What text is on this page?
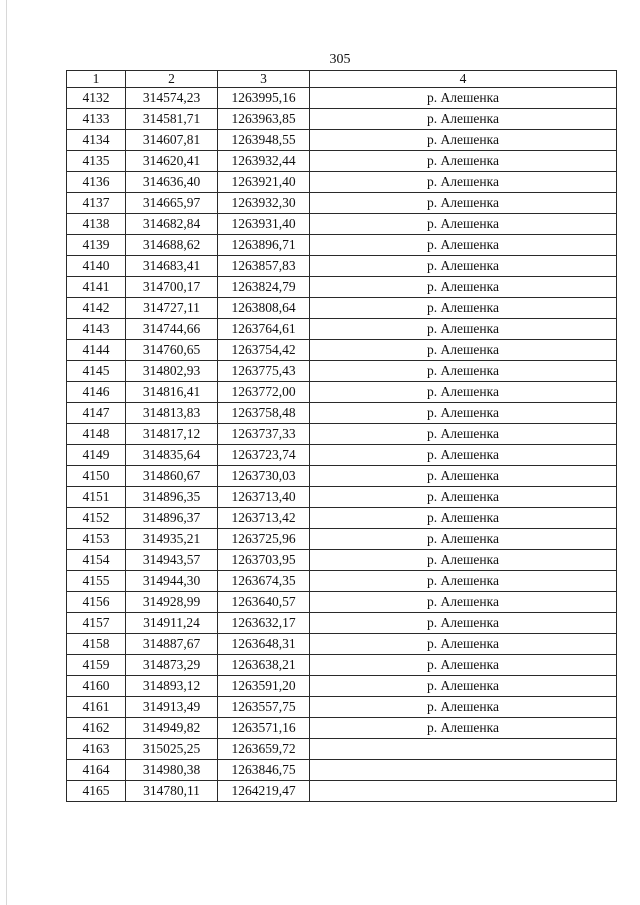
305
1	2	3	4
4132	314574,23	1263995,16	р. Алешенка
4133	314581,71	1263963,85	р. Алешенка
4134	314607,81	1263948,55	р. Алешенка
4135	314620,41	1263932,44	р. Алешенка
4136	314636,40	1263921,40	р. Алешенка
4137	314665,97	1263932,30	р. Алешенка
4138	314682,84	1263931,40	р. Алешенка
4139	314688,62	1263896,71	р. Алешенка
4140	314683,41	1263857,83	р. Алешенка
4141	314700,17	1263824,79	р. Алешенка
4142	314727,11	1263808,64	р. Алешенка
4143	314744,66	1263764,61	р. Алешенка
4144	314760,65	1263754,42	р. Алешенка
4145	314802,93	1263775,43	р. Алешенка
4146	314816,41	1263772,00	р. Алешенка
4147	314813,83	1263758,48	р. Алешенка
4148	314817,12	1263737,33	р. Алешенка
4149	314835,64	1263723,74	р. Алешенка
4150	314860,67	1263730,03	р. Алешенка
4151	314896,35	1263713,40	р. Алешенка
4152	314896,37	1263713,42	р. Алешенка
4153	314935,21	1263725,96	р. Алешенка
4154	314943,57	1263703,95	р. Алешенка
4155	314944,30	1263674,35	р. Алешенка
4156	314928,99	1263640,57	р. Алешенка
4157	314911,24	1263632,17	р. Алешенка
4158	314887,67	1263648,31	р. Алешенка
4159	314873,29	1263638,21	р. Алешенка
4160	314893,12	1263591,20	р. Алешенка
4161	314913,49	1263557,75	р. Алешенка
4162	314949,82	1263571,16	р. Алешенка
4163	315025,25	1263659,72	
4164	314980,38	1263846,75	
4165	314780,11	1264219,47	
